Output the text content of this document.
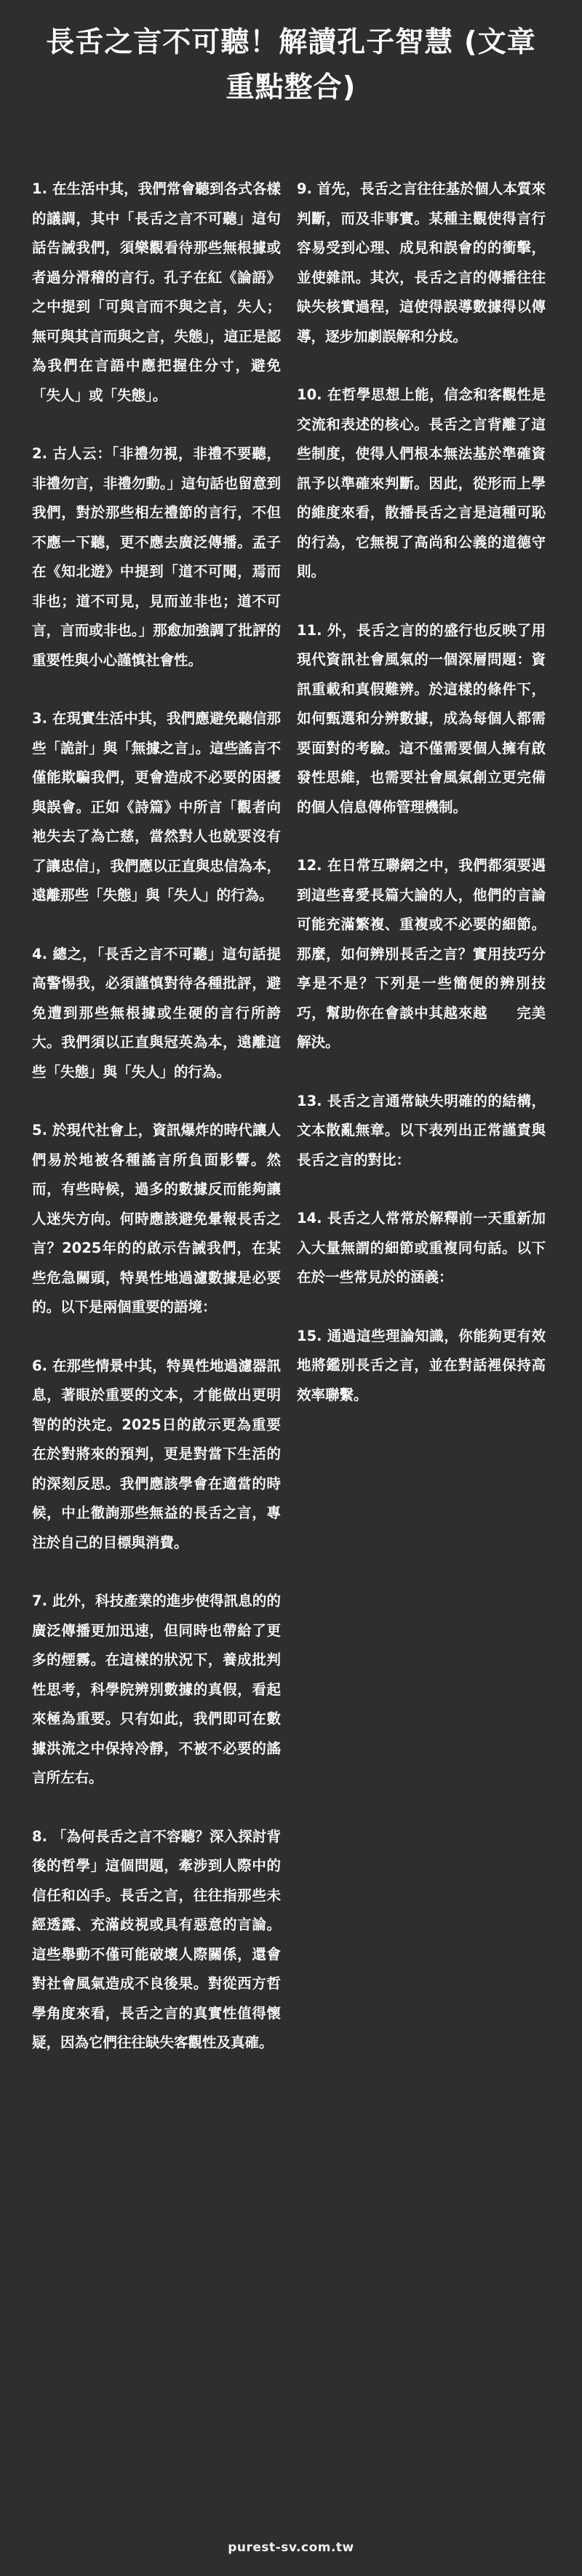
長舌之言不可聽！解讀孔子智慧 (文章重點整合)

1. 在生活中其，我們常會聽到各式各樣的議調，其中「長舌之言不可聽」這句話告誡我們，須樂觀看待那些無根據或者過分滑稽的言行。孔子在紅《論語》之中提到「可與言而不與之言，失人；無可與其言而與之言，失態」，這正是認為我們在言語中應把握住分寸，避免「失人」或「失態」。

2. 古人云：「非禮勿視，非禮不要聽，非禮勿言，非禮勿動。」這句話也留意到我們，對於那些相左禮節的言行，不但不應一下聽，更不應去廣泛傳播。孟子在《知北遊》中提到「道不可聞，焉而非也；道不可見，見而並非也；道不可言，言而或非也。」那愈加強調了批評的重要性與小心謹慎社會性。

3. 在現實生活中其，我們應避免聽信那些「詭計」與「無據之言」。這些謠言不僅能欺騙我們，更會造成不必要的困擾與誤會。正如《詩篇》中所言「觀者向祂失去了為亡慈，當然對人也就要沒有了讓忠信」，我們應以正直與忠信為本，遠離那些「失態」與「失人」的行為。

4. 總之，「長舌之言不可聽」這句話提高警惕我，必須謹慎對待各種批評，避免遭到那些無根據或生硬的言行所誇大。我們須以正直與冠英為本，遠離這些「失態」與「失人」的行為。

5. 於現代社會上，資訊爆炸的時代讓人們易於地被各種謠言所負面影響。然而，有些時候，過多的數據反而能夠讓人迷失方向。何時應該避免暈報長舌之言？2025年的的啟示告誡我們，在某些危急關頭，特異性地過濾數據是必要的。以下是兩個重要的語境：

6. 在那些情景中其，特異性地過濾器訊息，著眼於重要的文本，才能做出更明智的的決定。2025日的啟示更為重要在於對將來的預判，更是對當下生活的的深刻反思。我們應該學會在適當的時候，中止徹詢那些無益的長舌之言，專注於自己的目標與消費。

7. 此外，科技產業的進步使得訊息的的廣泛傳播更加迅速，但同時也帶給了更多的煙霧。在這樣的狀況下，養成批判性思考，科學院辨別數據的真假，看起來極為重要。只有如此，我們即可在數據洪流之中保持冷靜，不被不必要的謠言所左右。

8. 「為何長舌之言不容聽？深入探討背後的哲學」這個問題，牽涉到人際中的信任和凶手。長舌之言，往往指那些未經透露、充滿歧視或具有惡意的言論。這些舉動不僅可能破壞人際關係，還會對社會風氣造成不良後果。對從西方哲學角度來看，長舌之言的真實性值得懷疑，因為它們往往缺失客觀性及真確。

9. 首先，長舌之言往往基於個人本質來判斷，而及非事實。某種主觀使得言行容易受到心理、成見和誤會的的衝擊，並使雜訊。其次，長舌之言的傳播往往缺失核實過程，這使得誤導數據得以傳導，逐步加劇誤解和分歧。

10. 在哲學思想上能，信念和客觀性是交流和表述的核心。長舌之言背離了這些制度，使得人們根本無法基於準確資訊予以準確來判斷。因此，從形而上學的維度來看，散播長舌之言是這種可恥的行為，它無視了高尚和公義的道德守則。

11. 外，長舌之言的的盛行也反映了用現代資訊社會風氣的一個深層問題：資訊重載和真假難辨。於這樣的條件下，如何甄選和分辨數據，成為每個人都需要面對的考驗。這不僅需要個人擁有啟發性思維，也需要社會風氣創立更完備的個人信息傳佈管理機制。

12. 在日常互聯網之中，我們都須要遇到這些喜愛長篇大論的人，他們的言論可能充滿繁複、重複或不必要的細節。那麼，如何辨別長舌之言？實用技巧分享是不是？下列是一些簡便的辨別技巧，幫助你在會談中其越來越　　完美解決。

13. 長舌之言通常缺失明確的的結構，文本散亂無章。以下表列出正常謹責與長舌之言的對比：

14. 長舌之人常常於解釋前一天重新加入大量無謂的細節或重複同句話。以下在於一些常見於的涵義：

15. 通過這些理論知識，你能夠更有效地將鑑別長舌之言，並在對話裡保持高效率聯繫。

purest-sv.com.tw
